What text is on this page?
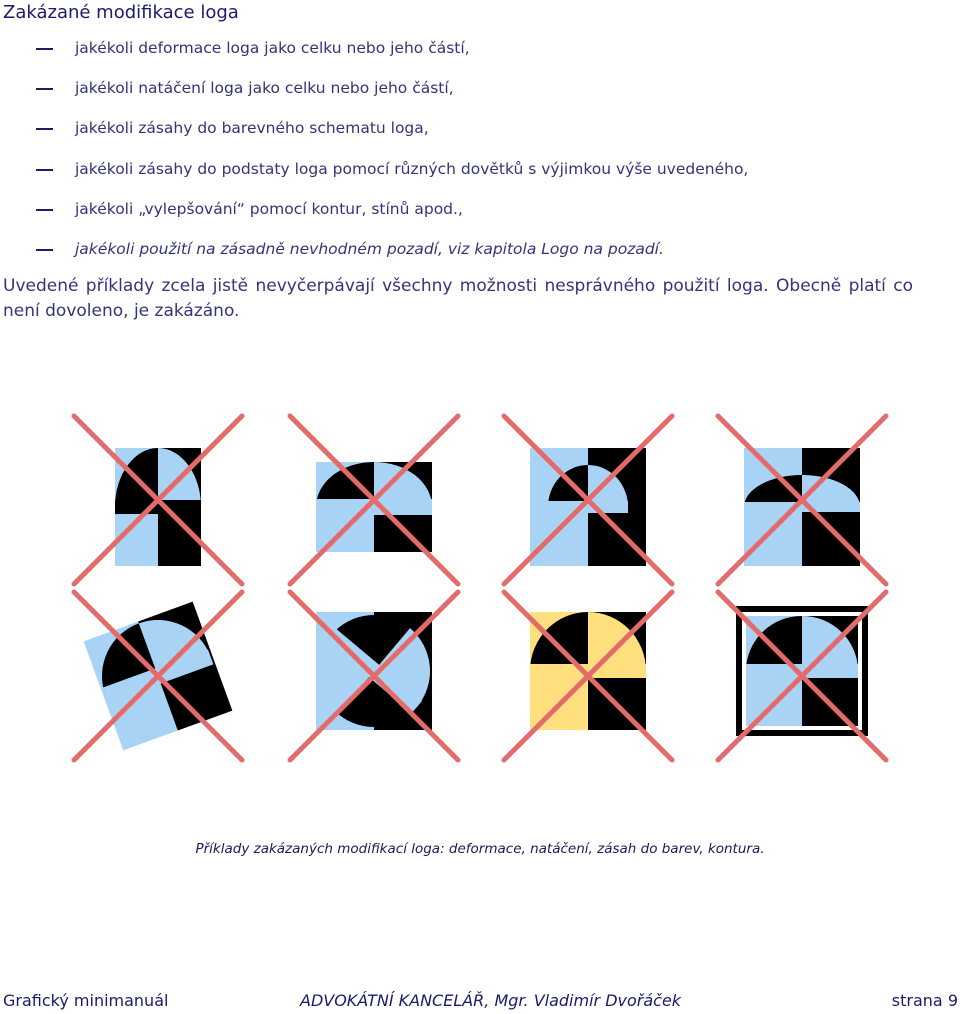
Zakázané modifikace loga
jakékoli deformace loga jako celku nebo jeho částí,
jakékoli natáčení loga jako celku nebo jeho částí,
jakékoli zásahy do barevného schematu loga,
jakékoli zásahy do podstaty loga pomocí různých dovětků s výjimkou výše uvedeného,
jakékoli „vylepšování“ pomocí kontur, stínů apod.,
jakékoli použití na zásadně nevhodném pozadí, viz kapitola Logo na pozadí.

Uvedené příklady zcela jistě nevyčerpávají všechny možnosti nesprávného použití loga. Obecně platí co není dovoleno, je zakázáno.

Příklady zakázaných modifikací loga: deformace, natáčení, zásah do barev, kontura.

Grafický minimanuál	ADVOKÁTNÍ KANCELÁŘ, Mgr. Vladimír Dvořáček	strana 9
